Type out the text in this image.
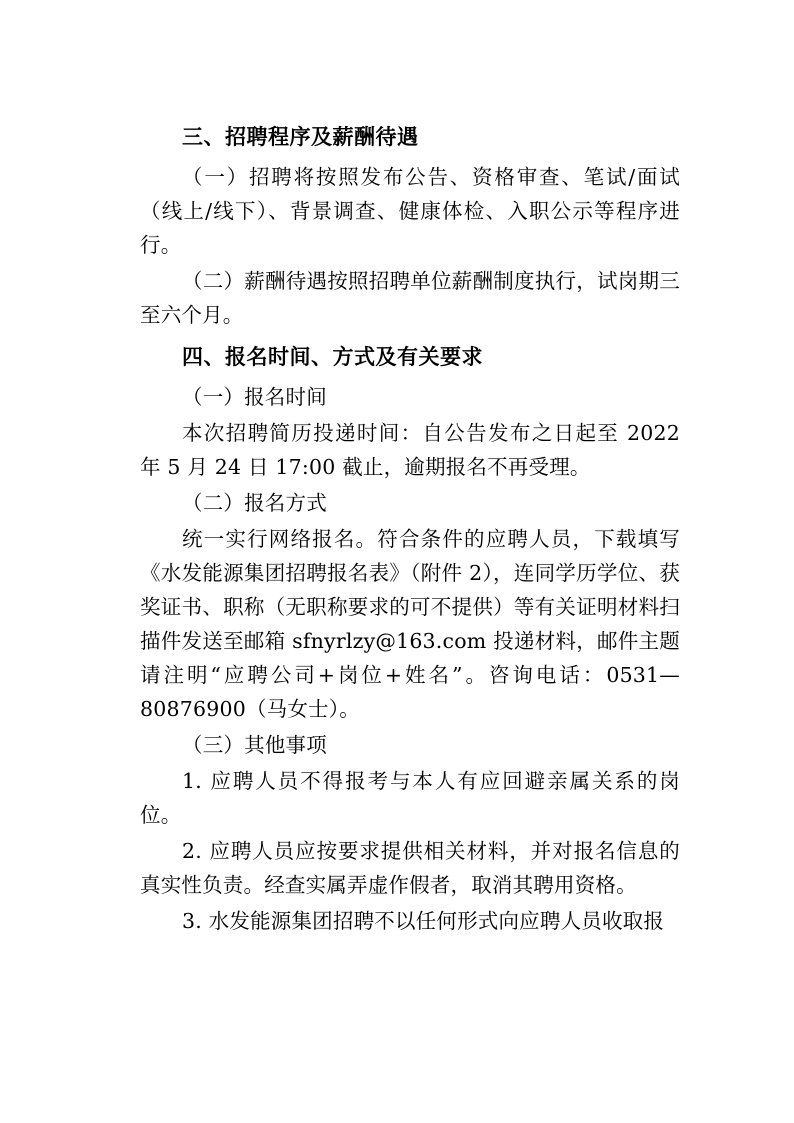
三、招聘程序及薪酬待遇
（一）招聘将按照发布公告、资格审查、笔试/面试（线上/线下）、背景调查、健康体检、入职公示等程序进行。
（二）薪酬待遇按照招聘单位薪酬制度执行，试岗期三至六个月。
四、报名时间、方式及有关要求
（一）报名时间
本次招聘简历投递时间：自公告发布之日起至 2022 年 5 月 24 日 17:00 截止，逾期报名不再受理。
（二）报名方式
统一实行网络报名。符合条件的应聘人员，下载填写《水发能源集团招聘报名表》（附件 2），连同学历学位、获奖证书、职称（无职称要求的可不提供）等有关证明材料扫描件发送至邮箱 sfnyrlzy@163.com 投递材料，邮件主题请注明“应聘公司+岗位+姓名”。咨询电话：0531—80876900（马女士）。
（三）其他事项
1. 应聘人员不得报考与本人有应回避亲属关系的岗位。
2. 应聘人员应按要求提供相关材料，并对报名信息的真实性负责。经查实属弄虚作假者，取消其聘用资格。
3. 水发能源集团招聘不以任何形式向应聘人员收取报
